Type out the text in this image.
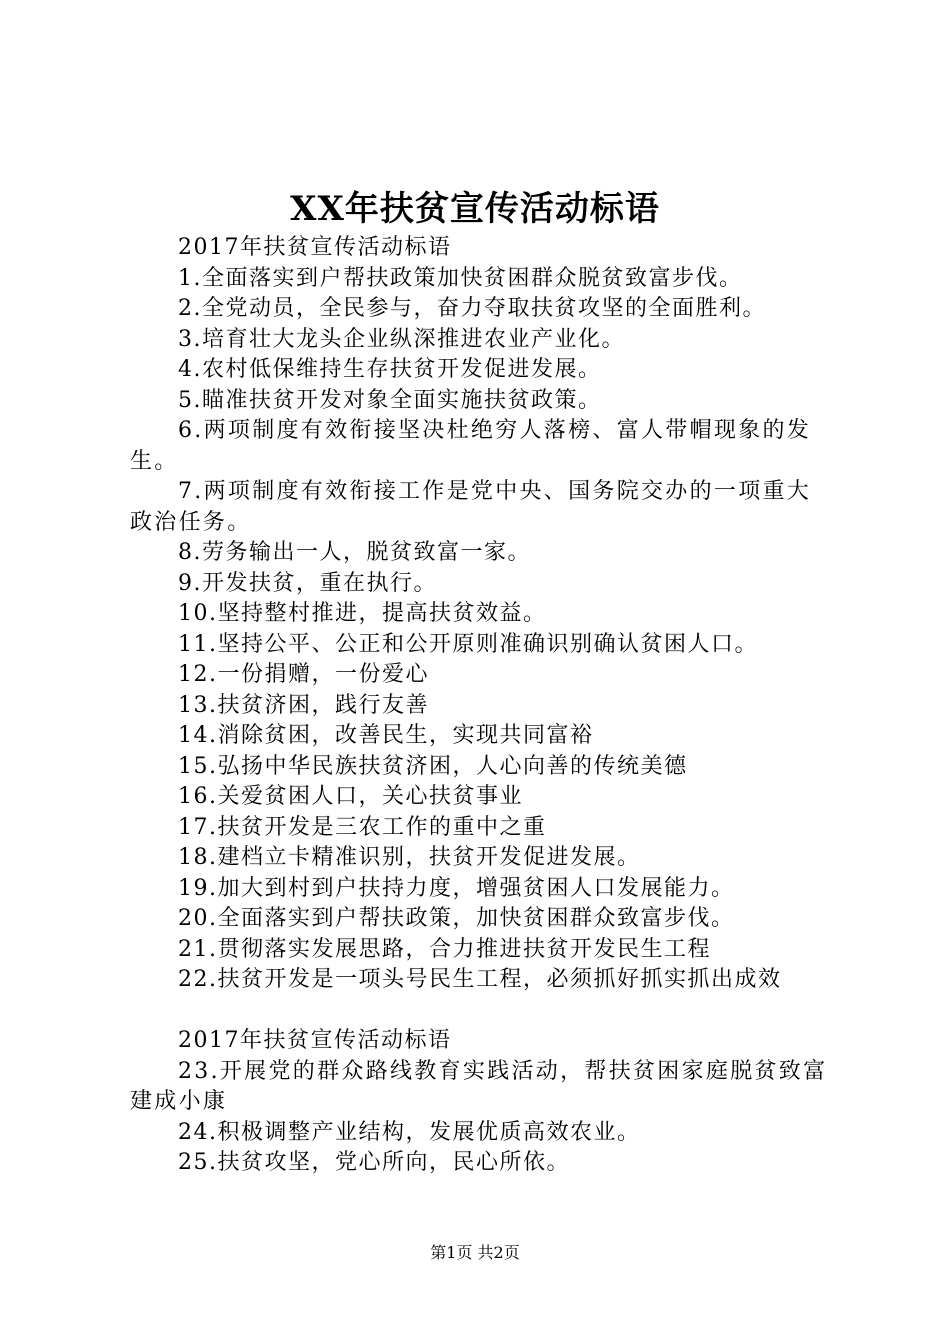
XX年扶贫宣传活动标语

2017年扶贫宣传活动标语

1.全面落实到户帮扶政策加快贫困群众脱贫致富步伐。

2.全党动员，全民参与，奋力夺取扶贫攻坚的全面胜利。

3.培育壮大龙头企业纵深推进农业产业化。

4.农村低保维持生存扶贫开发促进发展。

5.瞄准扶贫开发对象全面实施扶贫政策。

6.两项制度有效衔接坚决杜绝穷人落榜、富人带帽现象的发生。

7.两项制度有效衔接工作是党中央、国务院交办的一项重大政治任务。

8.劳务输出一人，脱贫致富一家。

9.开发扶贫，重在执行。

10.坚持整村推进，提高扶贫效益。

11.坚持公平、公正和公开原则准确识别确认贫困人口。

12.一份捐赠，一份爱心

13.扶贫济困，践行友善

14.消除贫困，改善民生，实现共同富裕

15.弘扬中华民族扶贫济困，人心向善的传统美德

16.关爱贫困人口，关心扶贫事业

17.扶贫开发是三农工作的重中之重

18.建档立卡精准识别，扶贫开发促进发展。

19.加大到村到户扶持力度，增强贫困人口发展能力。

20.全面落实到户帮扶政策，加快贫困群众致富步伐。

21.贯彻落实发展思路，合力推进扶贫开发民生工程

22.扶贫开发是一项头号民生工程，必须抓好抓实抓出成效

2017年扶贫宣传活动标语

23.开展党的群众路线教育实践活动，帮扶贫困家庭脱贫致富建成小康

24.积极调整产业结构，发展优质高效农业。

25.扶贫攻坚，党心所向，民心所依。

第1页 共2页
